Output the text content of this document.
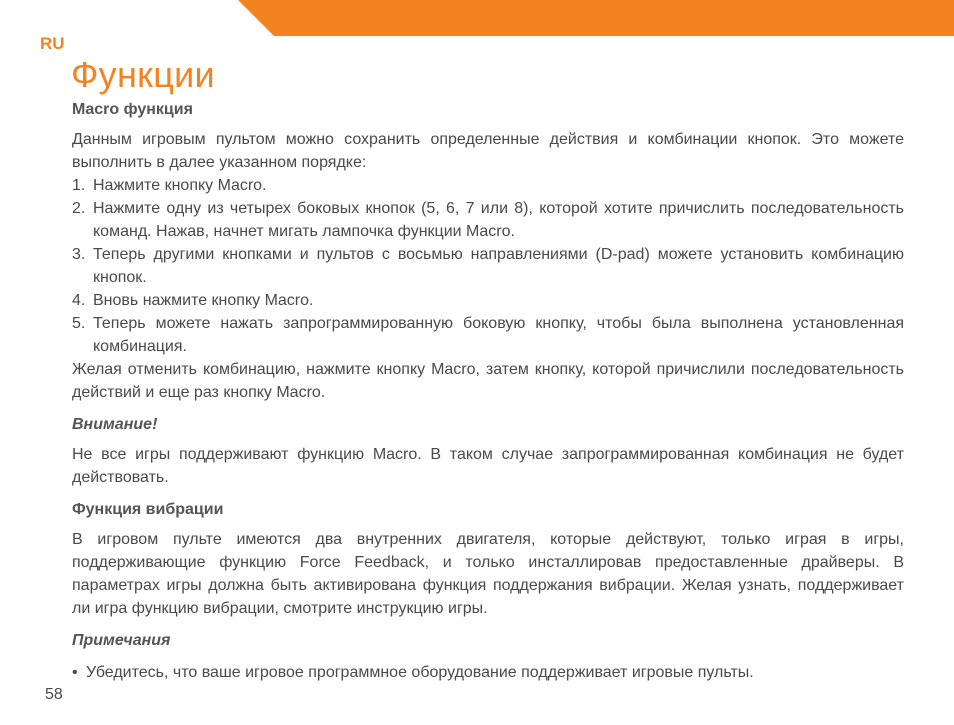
RU
Функции

Macro функция

Данным игровым пультом можно сохранить определенные действия и комбинации кнопок. Это можете выполнить в далее указанном порядке:

1. Нажмите кнопку Macro.
2. Нажмите одну из четырех боковых кнопок (5, 6, 7 или 8), которой хотите причислить последовательность команд. Нажав, начнет мигать лампочка функции Macro.
3. Теперь другими кнопками и пультов с восьмью направлениями (D-pad) можете установить комбинацию кнопок.
4. Вновь нажмите кнопку Macro.
5. Теперь можете нажать запрограммированную боковую кнопку, чтобы была выполнена установленная комбинация.

Желая отменить комбинацию, нажмите кнопку Macro, затем кнопку, которой причислили последовательность действий и еще раз кнопку Macro.

Внимание!

Не все игры поддерживают функцию Macro. В таком случае запрограммированная комбинация не будет действовать.

Функция вибрации

В игровом пульте имеются два внутренних двигателя, которые действуют, только играя в игры, поддерживающие функцию Force Feedback, и только инсталлировав предоставленные драйверы. В параметрах игры должна быть активирована функция поддержания вибрации. Желая узнать, поддерживает ли игра функцию вибрации, смотрите инструкцию игры.

Примечания

• Убедитесь, что ваше игровое программное оборудование поддерживает игровые пульты.
58
